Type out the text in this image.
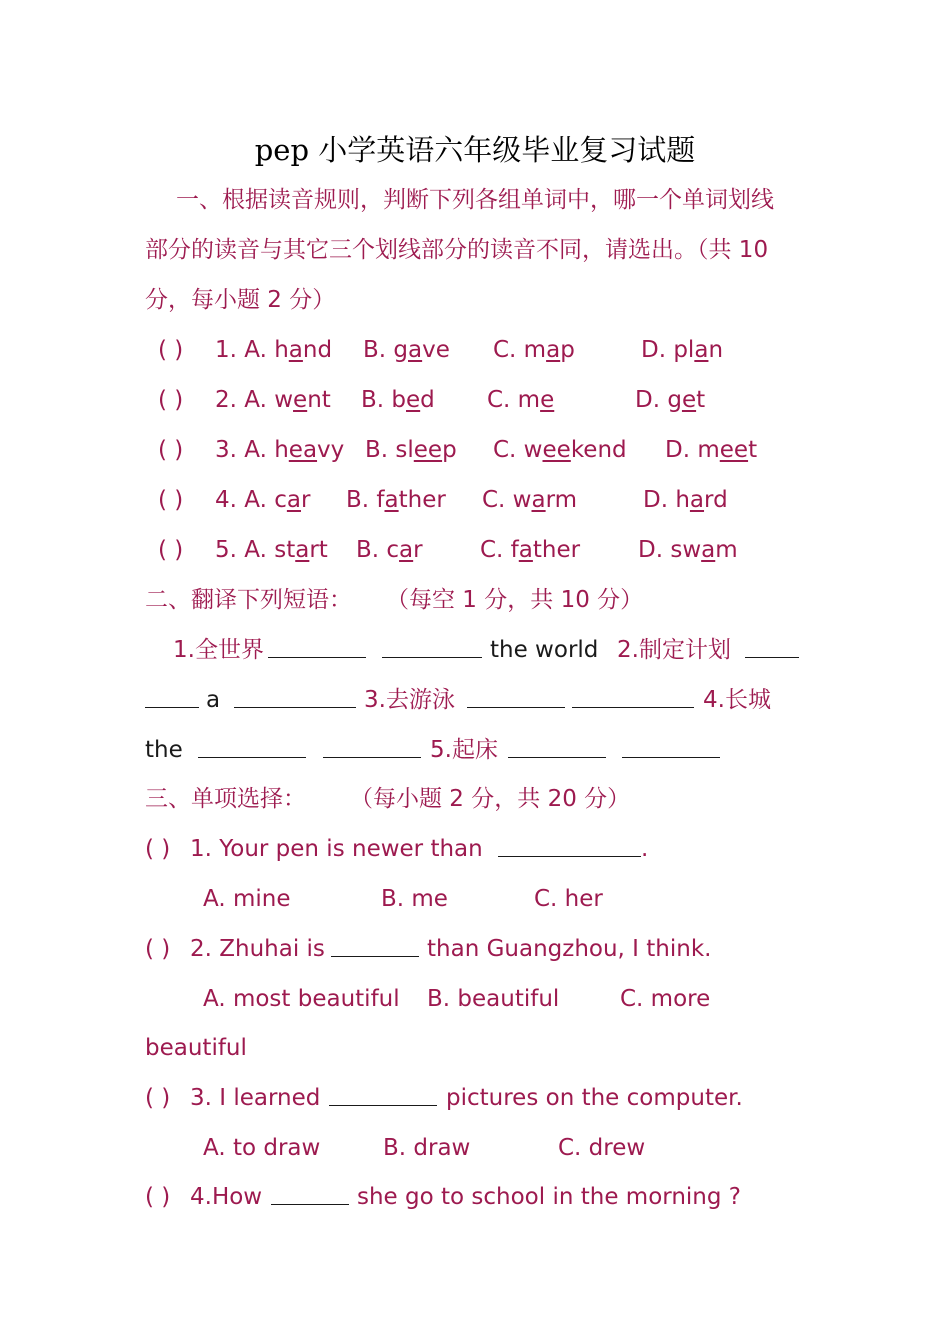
pep 小学英语六年级毕业复习试题
一、根据读音规则，判断下列各组单词中，哪一个单词划线
部分的读音与其它三个划线部分的读音不同，请选出。（共 10
分，每小题 2 分）
( ) 1. A. hand B. gave C. map	D. plan
( ) 2. A. went B. bed C. me	D. get
( ) 3. A. heavy B. sleep C. weekend D. meet
( ) 4. A. car B. father C. warm	D. hard
( ) 5. A. start B. car C. father	D. swam
二、翻译下列短语： （每空 1 分，共 10 分）
1.全世界	the world 2.制定计划
a	3.去游泳	4.长城
the	5.起床
三、单项选择： （每小题 2 分，共 20 分）
( ) 1. Your pen is newer than	.
A. mine	B. me	C. her
( ) 2. Zhuhai is	than Guangzhou, I think.
A. most beautiful B. beautiful	C. more
beautiful
( ) 3. I learned	pictures on the computer.
A. to draw	B. draw	C. drew
( ) 4.How	she go to school in the morning ?
